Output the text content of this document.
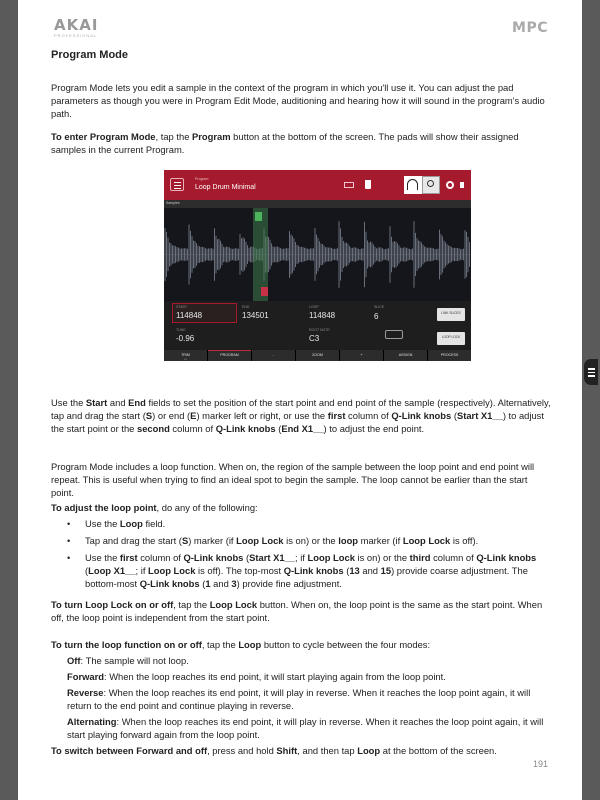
AKAI
PROFESSIONAL	MPC
Program Mode

Program Mode lets you edit a sample in the context of the program in which you'll use it. You can adjust the pad parameters as though you were in Program Edit Mode, auditioning and hearing how it will sound in the program's audio path.

To enter Program Mode, tap the Program button at the bottom of the screen. The pads will show their assigned samples in the current Program.

Program
Loop Drum Minimal
Samples
START
114848
END
134501
LOOP
114848
SLICE
6
TUNE
-0.96
ROOT NOTE
C3
LINK SLICES
LOOP LOCK
TRIM
•••
PROGRAM	-	ZOOM	+	ASSIGN	PROCESS

Use the Start and End fields to set the position of the start point and end point of the sample (respectively). Alternatively, tap and drag the start (S) or end (E) marker left or right, or use the first column of Q-Link knobs (Start X1__) to adjust the start point or the second column of Q-Link knobs (End X1__) to adjust the end point.

Program Mode includes a loop function. When on, the region of the sample between the loop point and end point will repeat. This is useful when trying to find an ideal spot to begin the sample. The loop cannot be earlier than the start point.

To adjust the loop point, do any of the following:

• Use the Loop field.
• Tap and drag the start (S) marker (if Loop Lock is on) or the loop marker (if Loop Lock is off).
• Use the first column of Q-Link knobs (Start X1__; if Loop Lock is on) or the third column of Q-Link knobs (Loop X1__; if Loop Lock is off). The top-most Q-Link knobs (13 and 15) provide coarse adjustment. The bottom-most Q-Link knobs (1 and 3) provide fine adjustment.

To turn Loop Lock on or off, tap the Loop Lock button. When on, the loop point is the same as the start point. When off, the loop point is independent from the start point.

To turn the loop function on or off, tap the Loop button to cycle between the four modes:

Off: The sample will not loop.

Forward: When the loop reaches its end point, it will start playing again from the loop point.

Reverse: When the loop reaches its end point, it will play in reverse. When it reaches the loop point again, it will return to the end point and continue playing in reverse.

Alternating: When the loop reaches its end point, it will play in reverse. When it reaches the loop point again, it will start playing forward again from the loop point.

To switch between Forward and off, press and hold Shift, and then tap Loop at the bottom of the screen.

191
